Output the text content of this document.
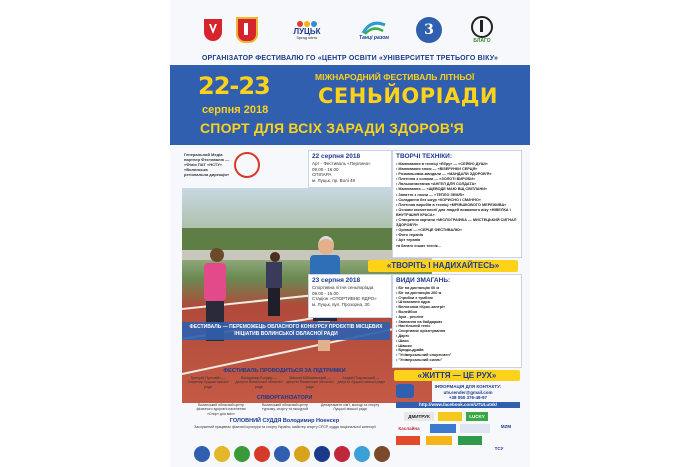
ЛУЦЬК
бренд мiсто	Танцi разом	3
БЛАГО
ОРГАНІЗАТОР ФЕСТИВАЛЮ ГО «ЦЕНТР ОСВІТИ «УНІВЕРСИТЕТ ТРЕТЬОГО ВІКУ»
22-23
серпня 2018
МІЖНАРОДНИЙ ФЕСТИВАЛЬ ЛІТНЬОЇ
СЕНЬЙОРІАДИ
СПОРТ ДЛЯ ВСІХ ЗАРАДИ ЗДОРОВ'Я
Генеральний Медіа партнер Фестивалю — «Філія ПАТ «НСТУ» «Волинська регіональна дирекція»
22 серпня 2018
Арт - Фестиваль «Перлина»
09.00 - 16.00
СПІЛАРА
м. Луцьк, пр. Волі 49
ТВОРЧІ ТЕХНІКИ:
• Малювання в техніці «Ебру» — «СЕЙФО ДУШІ»
• Малювання хною — «ВІЗЕРУНКИ СЕРЦЯ»
• Розмальовки-мандали — «МАНДАЛИ ЗДОРОВ'Я»
• Плетіння з соломи — «ЗОЛОТІ ВИРОБИ»
• Ляльконмотанка «АНГЕЛ ДЛЯ СОЛДАТА»
• Малювання — «ЩЕВОДЕ МАЮ ВЩ СВІТЛАНИ»
• Заняття з глини — «ТЕПЛО ЗЕМЛІ»
• Складання без шкур «КОРИСНО І СМАЧНО»
• Плетіння виробів в техніці «МРІЯШКОВОГО МЕРЕЖИВА»
• Основи косметології для людей поважного віку «НІВЕЛКА І ВНУТРІШНЯ КРАСА»
• Створення картини «МІСЛОГРАФІКА — МИСТЕЦЬКИЙ СИГНАЛ ЗДОРОВ'Я»
• Орігамі — «СЕРЦЕ ФЕСТИВАЛЮ»
• Фото терапія
• Арт терапія
та багато інших технік...
«ТВОРІТЬ І НАДИХАЙТЕСЬ»
23 серпня 2018
Спортивна літня сеньйоріада
09.00 - 15.00
Стадіон «СПОРТИВНЕ ЯДРО»
м. Луцьк, вул. Прозорна, 30
ВИДИ ЗМАГАНЬ:
• Біг на дистанцію 60 м
• Біг на дистанцію 200 м
• Стрибки з тумбою
• Штовхання ядра
• Велогонка «Крос-кантрі»
• Волейбол
• Арм - реслінг
• Змагання на байдарках
• Настільний теніс
• Спортивне орієнтування
• Дартс
• Шахи
• Шашки
• Бридж-драйв
• "Універсальний спортсмен"
• "Універсальний силач"
ФЕСТИВАЛЬ — ПЕРЕМОЖЕЦЬ ОБЛАСНОГО КОНКУРСУ ПРОЄКТІВ МІСЦЕВИХ ІНІЦІАТИВ ВОЛИНСЬКОЇ ОБЛАСНОЇ РАДИ
«ЖИТТЯ — ЦЕ РУХ»
ФЕСТИВАЛЬ ПРОВОДИТЬСЯ ЗА ПІДТРИМКИ
Григорій Пустовійт — Секретар Луцької міської ради
Володимир Бондар — депутат Волинської обласної ради
Микола Кабишевський — депутат Волинської обласної ради
Андрій Покровський — депутат Луцької міської ради
СПІВОРГАНІЗАТОРИ
Волинський обласний центр фізичного здоров'я населення «Спорт для всіх»
Волинський обласний центр туризму, спорту та екскурсій
Департамент сім'ї, молоді та спорту Луцької міської ради
ГОЛОВНИЙ СУДДЯ Володимир Ноенсер
Заслужений працівник фізичної культури та спорту України, майстер спорту СРСР, суддя національної категорії
ІНФОРМАЦІЯ ДЛЯ КОНТАКТУ:
utv.sender@gmail.com
+38 050 376-48-97
http://www.facebook.com/UTULutsk/
ДМИТРУК	LUCKY
MZM
Каслайна
ТСУ
